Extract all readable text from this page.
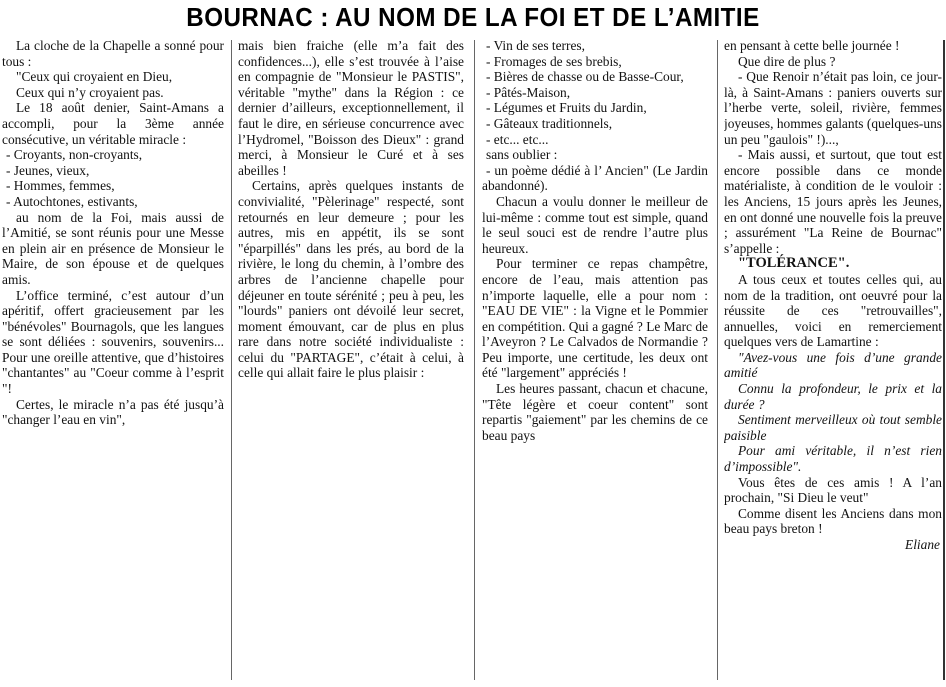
BOURNAC : AU NOM DE LA FOI ET DE L’AMITIE

La cloche de la Chapelle a sonné pour tous :

"Ceux qui croyaient en Dieu,

Ceux qui n’y croyaient pas.

Le 18 août denier, Saint-Amans a accompli, pour la 3ème année consécutive, un véritable miracle :

- Croyants, non-croyants,

- Jeunes, vieux,

- Hommes, femmes,

- Autochtones, estivants,

au nom de la Foi, mais aussi de l’Amitié, se sont réunis pour une Messe en plein air en présence de Monsieur le Maire, de son épouse et de quelques amis.

L’office terminé, c’est autour d’un apéritif, offert gracieusement par les "bénévoles" Bournagols, que les langues se sont déliées : souvenirs, souvenirs... Pour une oreille attentive, que d’histoires "chantantes" au "Coeur comme à l’esprit "!

Certes, le miracle n’a pas été jusqu’à "changer l’eau en vin",

mais bien fraiche (elle m’a fait des confidences...), elle s’est trouvée à l’aise en compagnie de "Monsieur le PASTIS", véritable "mythe" dans la Région : ce dernier d’ailleurs, exceptionnellement, il faut le dire, en sérieuse concurrence avec l’Hydromel, "Boisson des Dieux" : grand merci, à Monsieur le Curé et à ses abeilles !

Certains, après quelques instants de convivialité, "Pèlerinage" respecté, sont retournés en leur demeure ; pour les autres, mis en appétit, ils se sont "éparpillés" dans les prés, au bord de la rivière, le long du chemin, à l’ombre des arbres de l’ancienne chapelle pour déjeuner en toute sérénité ; peu à peu, les "lourds" paniers ont dévoilé leur secret, moment émouvant, car de plus en plus rare dans notre société individualiste : celui du "PARTAGE", c’était à celui, à celle qui allait faire le plus plaisir :

- Vin de ses terres,

- Fromages de ses brebis,

- Bières de chasse ou de Basse-Cour,

- Pâtés-Maison,

- Légumes et Fruits du Jardin,

- Gâteaux traditionnels,

- etc... etc...

sans oublier :

- un poème dédié à l’ Ancien" (Le Jardin abandonné).

Chacun a voulu donner le meilleur de lui-même : comme tout est simple, quand le seul souci est de rendre l’autre plus heureux.

Pour terminer ce repas champêtre, encore de l’eau, mais attention pas n’importe laquelle, elle a pour nom : "EAU DE VIE" : la Vigne et le Pommier en compétition. Qui a gagné ? Le Marc de l’Aveyron ? Le Calvados de Normandie ? Peu importe, une certitude, les deux ont été "largement" appréciés !

Les heures passant, chacun et chacune, "Tête légère et coeur content" sont repartis "gaiement" par les chemins de ce beau pays

en pensant à cette belle journée !

Que dire de plus ?

- Que Renoir n’était pas loin, ce jour-là, à Saint-Amans : paniers ouverts sur l’herbe verte, soleil, rivière, femmes joyeuses, hommes galants (quelques-uns un peu "gaulois" !)...,

- Mais aussi, et surtout, que tout est encore possible dans ce monde matérialiste, à condition de le vouloir : les Anciens, 15 jours après les Jeunes, en ont donné une nouvelle fois la preuve ; assurément "La Reine de Bournac" s’appelle :

"TOLÉRANCE".

A tous ceux et toutes celles qui, au nom de la tradition, ont oeuvré pour la réussite de ces "retrouvailles", annuelles, voici en remerciement quelques vers de Lamartine :

"Avez-vous une fois d’une grande amitié

Connu la profondeur, le prix et la durée ?

Sentiment merveilleux où tout semble paisible

Pour ami véritable, il n’est rien d’impossible".

Vous êtes de ces amis ! A l’an prochain, "Si Dieu le veut"

Comme disent les Anciens dans mon beau pays breton !

Eliane
